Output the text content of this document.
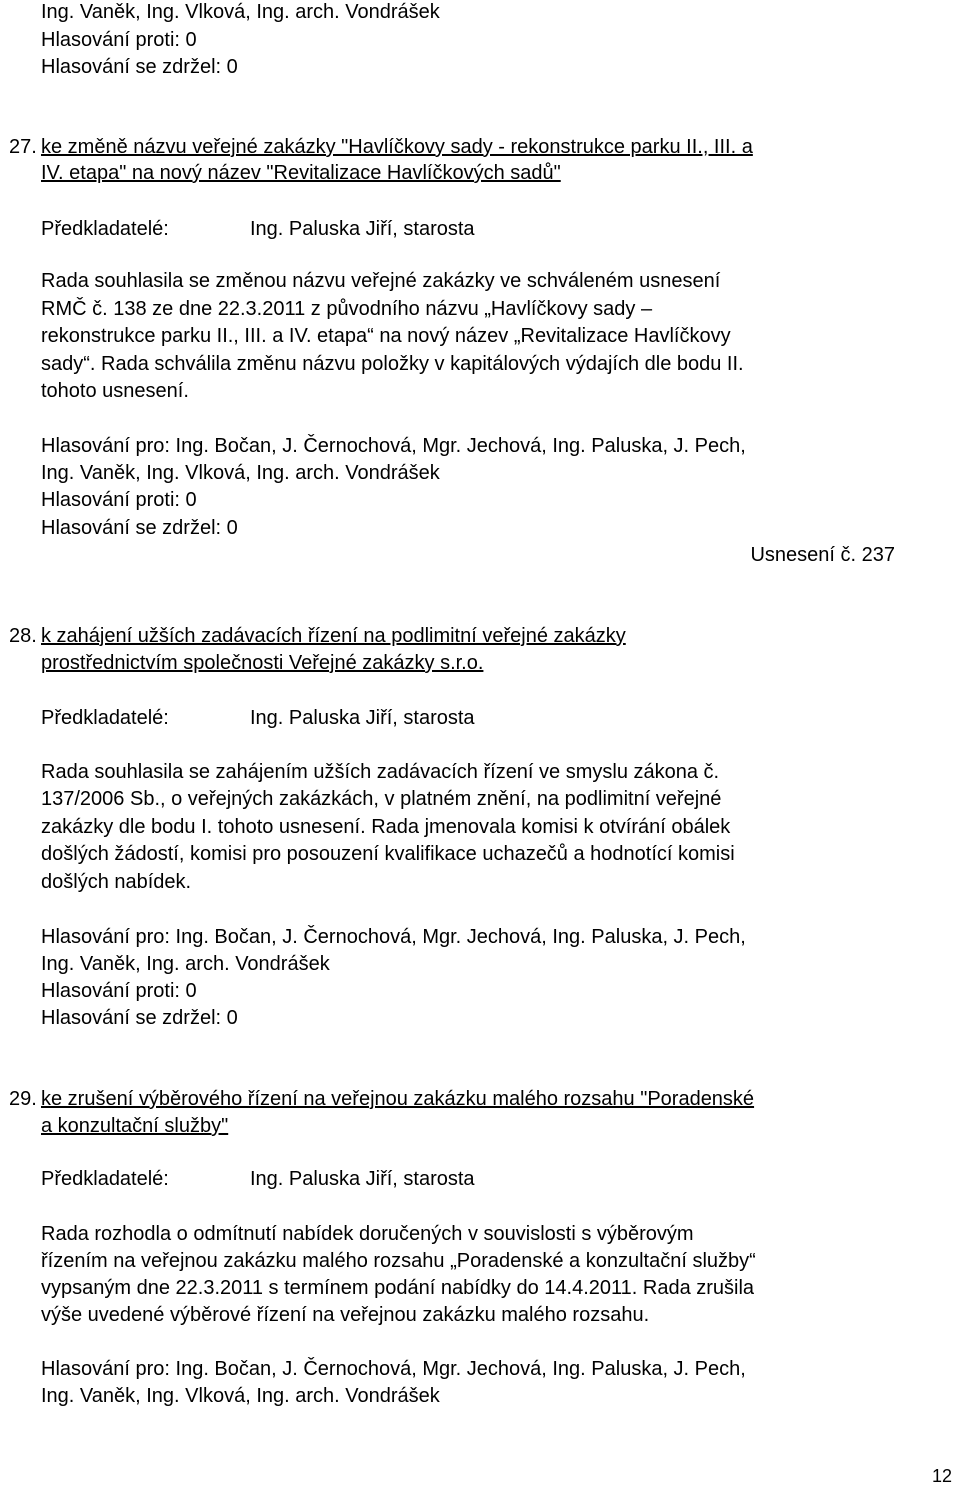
Ing. Vaněk, Ing. Vlková, Ing. arch. Vondrášek
Hlasování proti: 0
Hlasování se zdržel: 0
27. ke změně názvu veřejné zakázky "Havlíčkovy sady - rekonstrukce parku II., III. a
IV. etapa" na nový název "Revitalizace Havlíčkových sadů"
Předkladatelé:	Ing. Paluska Jiří, starosta
Rada souhlasila se změnou názvu veřejné zakázky ve schváleném usnesení
RMČ č. 138 ze dne 22.3.2011 z původního názvu „Havlíčkovy sady –
rekonstrukce parku II., III. a IV. etapa“ na nový název „Revitalizace Havlíčkovy
sady“. Rada schválila změnu názvu položky v kapitálových výdajích dle bodu II.
tohoto usnesení.
Hlasování pro: Ing. Bočan, J. Černochová, Mgr. Jechová, Ing. Paluska, J. Pech,
Ing. Vaněk, Ing. Vlková, Ing. arch. Vondrášek
Hlasování proti: 0
Hlasování se zdržel: 0
Usnesení č. 237
28. k zahájení užších zadávacích řízení na podlimitní veřejné zakázky
prostřednictvím společnosti Veřejné zakázky s.r.o.
Předkladatelé:	Ing. Paluska Jiří, starosta
Rada souhlasila se zahájením užších zadávacích řízení ve smyslu zákona č.
137/2006 Sb., o veřejných zakázkách, v platném znění, na podlimitní veřejné
zakázky dle bodu I. tohoto usnesení. Rada jmenovala komisi k otvírání obálek
došlých žádostí, komisi pro posouzení kvalifikace uchazečů a hodnotící komisi
došlých nabídek.
Hlasování pro: Ing. Bočan, J. Černochová, Mgr. Jechová, Ing. Paluska, J. Pech,
Ing. Vaněk, Ing. arch. Vondrášek
Hlasování proti: 0
Hlasování se zdržel: 0
29. ke zrušení výběrového řízení na veřejnou zakázku malého rozsahu "Poradenské
a konzultační služby"
Předkladatelé:	Ing. Paluska Jiří, starosta
Rada rozhodla o odmítnutí nabídek doručených v souvislosti s výběrovým
řízením na veřejnou zakázku malého rozsahu „Poradenské a konzultační služby“
vypsaným dne 22.3.2011 s termínem podání nabídky do 14.4.2011. Rada zrušila
výše uvedené výběrové řízení na veřejnou zakázku malého rozsahu.
Hlasování pro: Ing. Bočan, J. Černochová, Mgr. Jechová, Ing. Paluska, J. Pech,
Ing. Vaněk, Ing. Vlková, Ing. arch. Vondrášek
12
